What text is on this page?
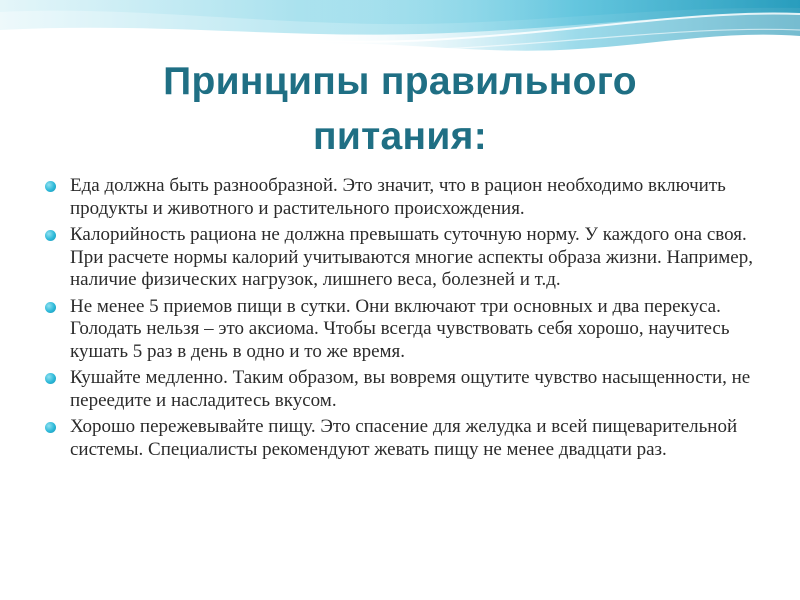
Принципы правильного
питания:
Еда должна быть разнообразной. Это значит, что в рацион необходимо включить продукты и животного и растительного происхождения.
Калорийность рациона не должна превышать суточную норму. У каждого она своя. При расчете нормы калорий учитываются многие аспекты образа жизни. Например, наличие физических нагрузок, лишнего веса, болезней и т.д.
Не менее 5 приемов пищи в сутки. Они включают три основных и два перекуса. Голодать нельзя – это аксиома. Чтобы всегда чувствовать себя хорошо, научитесь кушать 5 раз в день в одно и то же время.
Кушайте медленно. Таким образом, вы вовремя ощутите чувство насыщенности, не переедите и насладитесь вкусом.
Хорошо пережевывайте пищу. Это спасение для желудка и всей пищеварительной системы. Специалисты рекомендуют жевать пищу не менее двадцати раз.
